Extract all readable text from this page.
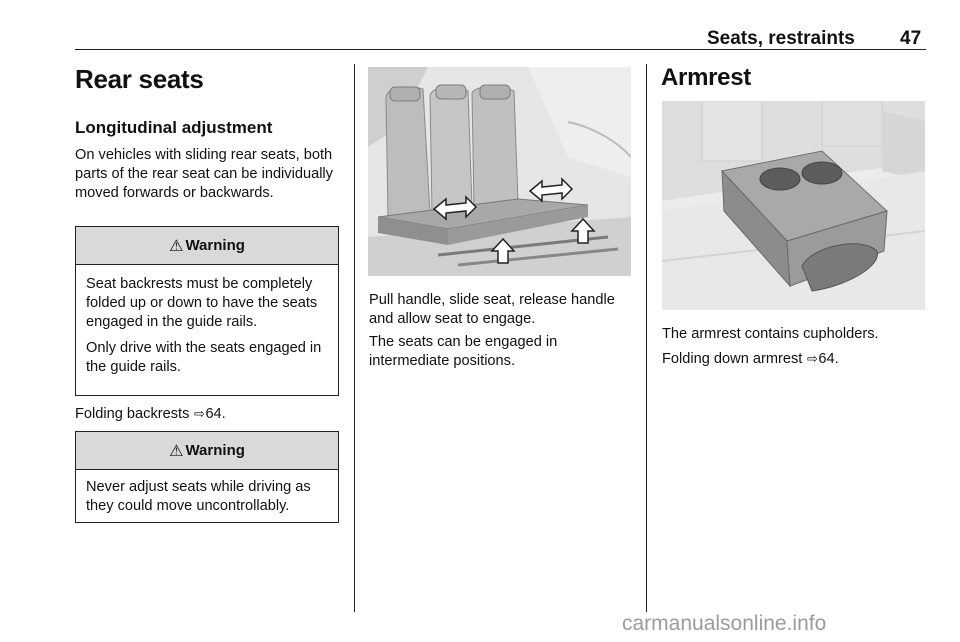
Seats, restraints 47
Rear seats
Longitudinal adjustment

On vehicles with sliding rear seats, both parts of the rear seat can be individually moved forwards or backwards.

⚠ Warning

Seat backrests must be completely folded up or down to have the seats engaged in the guide rails.

Only drive with the seats engaged in the guide rails.

Folding backrests ⇨64.

⚠ Warning

Never adjust seats while driving as they could move uncontrollably.

Pull handle, slide seat, release handle and allow seat to engage.

The seats can be engaged in intermediate positions.

Armrest

The armrest contains cupholders.

Folding down armrest ⇨64.

carmanualsonline.info
